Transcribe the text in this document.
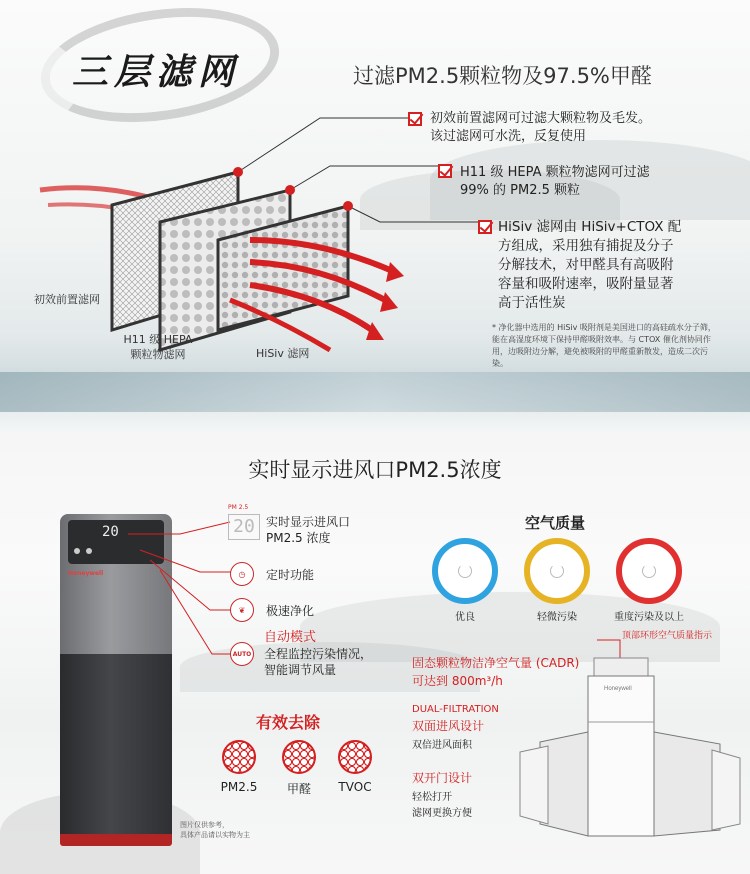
三层滤网	过滤PM2.5颗粒物及97.5%甲醛
初效前置滤网可过滤大颗粒物及毛发。
该过滤网可水洗，反复使用
H11 级 HEPA 颗粒物滤网可过滤
99% 的 PM2.5 颗粒
HiSiv 滤网由 HiSiv+CTOX 配
方组成，采用独有捕捉及分子
分解技术，对甲醛具有高吸附
容量和吸附速率，吸附量显著
高于活性炭
初效前置滤网
H11 级 HEPA
颗粒物滤网	HiSiv 滤网
* 净化器中选用的 HiSiv 吸附剂是美国进口的高硅疏水分子筛，能在高湿度环境下保持甲醛吸附效率。与 CTOX 催化剂协同作用，边吸附边分解，避免被吸附的甲醛重新散发，造成二次污染。
实时显示进风口PM2.5浓度
20
Honeywell
PM 2.5
20 实时显示进风口
PM2.5 浓度
◷	定时功能
❦	极速净化
AUTO
自动模式
全程监控污染情况，
智能调节风量
空气质量
优良	轻微污染	重度污染及以上
顶部环形空气质量指示
固态颗粒物洁净空气量 (CADR)
可达到 800m³/h
DUAL-FILTRATION
双面进风设计
双倍进风面积
双开门设计
轻松打开
滤网更换方便
Honeywell
有效去除
PM2.5	甲醛	TVOC
图片仅供参考，
具体产品请以实物为主
